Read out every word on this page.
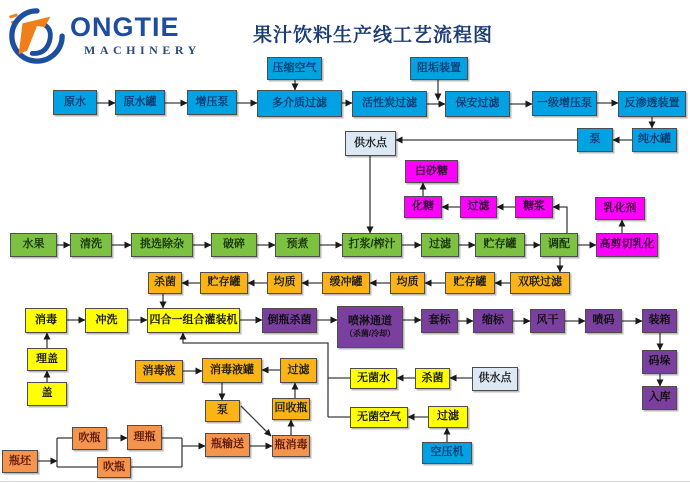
ONGTIE
MACHINERY
果汁饮料生产线工艺流程图
原水	原水罐	增压泵	多介质过滤
压缩空气
活性炭过滤
阻垢装置
保安过滤	一级增压泵	反渗透装置
纯水罐
泵
供水点
白砂糖
化糖	过滤	糖浆	乳化剂
高剪切乳化
水果	清洗	挑选除杂	破碎	预煮	打浆/榨汁	过滤	贮存罐	调配
杀菌	贮存罐	均质	缓冲罐	均质	贮存罐	双联过滤
消毒	冲洗	四合一组合灌装机	倒瓶杀菌	喷淋通道
（杀菌/冷却）
套标	缩标	风干	喷码	装箱
码垛
入库
理盖
盖
消毒液	消毒液罐	过滤
泵	回收瓶
瓶消毒
瓶输送
吹瓶	理瓶
吹瓶
瓶坯
无菌水	杀菌	供水点
无菌空气	过滤
空压机
